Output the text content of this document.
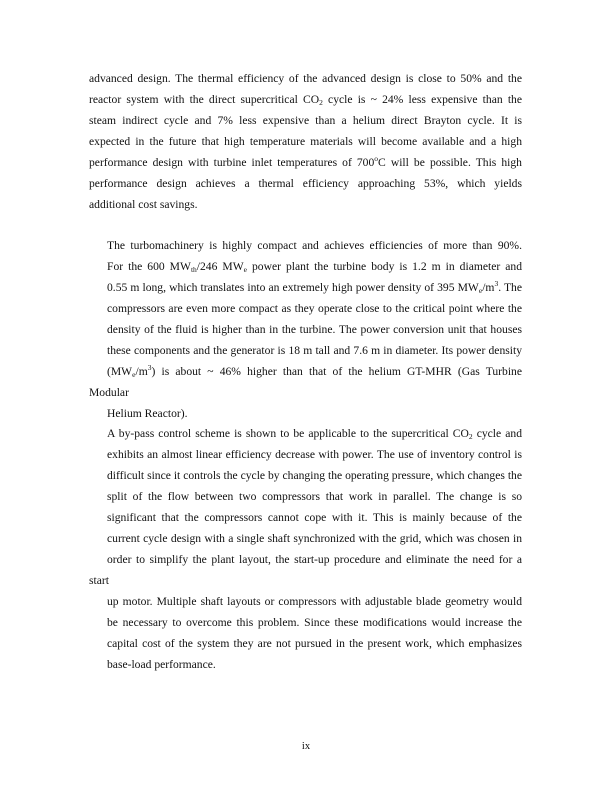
advanced design. The thermal efficiency of the advanced design is close to 50% and the
reactor system with the direct supercritical $CO_2$ cycle is ~ 24% less expensive than the
steam indirect cycle and 7% less expensive than a helium direct Brayton cycle. It is
expected in the future that high temperature materials will become available and a high
performance design with turbine inlet temperatures of 700$^o$C will be possible. This high
performance design achieves a thermal efficiency approaching 53%, which yields
additional cost savings.

The turbomachinery is highly compact and achieves efficiencies of more than 90%.
For the 600 $MW_{th}/246$ $MW_e$ power plant the turbine body is 1.2 m in diameter and
0.55 m long, which translates into an extremely high power density of 395 $MW_e/m^3$. The
compressors are even more compact as they operate close to the critical point where the
density of the fluid is higher than in the turbine. The power conversion unit that houses
these components and the generator is 18 m tall and 7.6 m in diameter. Its power density
$(MW_e/m^3)$ is about ~ 46% higher than that of the helium GT-MHR (Gas Turbine Modular
Helium Reactor).

A by-pass control scheme is shown to be applicable to the supercritical $CO_2$ cycle and
exhibits an almost linear efficiency decrease with power. The use of inventory control is
difficult since it controls the cycle by changing the operating pressure, which changes the
split of the flow between two compressors that work in parallel. The change is so
significant that the compressors cannot cope with it. This is mainly because of the
current cycle design with a single shaft synchronized with the grid, which was chosen in
order to simplify the plant layout, the start-up procedure and eliminate the need for a start
up motor. Multiple shaft layouts or compressors with adjustable blade geometry would
be necessary to overcome this problem. Since these modifications would increase the
capital cost of the system they are not pursued in the present work, which emphasizes
base-load performance.

ix
